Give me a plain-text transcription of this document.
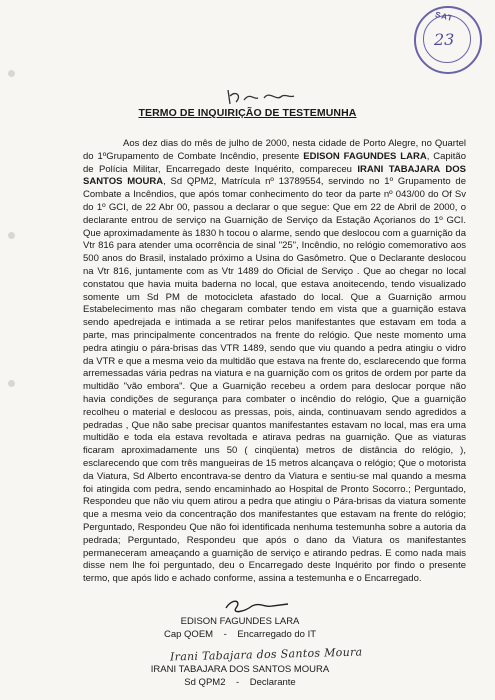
SAT
23
TERMO DE INQUIRIÇÃO DE TESTEMUNHA

Aos dez dias do mês de julho de 2000, nesta cidade de Porto Alegre, no Quartel do 1ºGrupamento de Combate Incêndio, presente EDISON FAGUNDES LARA, Capitão de Polícia Militar, Encarregado deste Inquérito, compareceu IRANI TABAJARA DOS SANTOS MOURA, Sd QPM2, Matrícula nº 13789554, servindo no 1º Grupamento de Combate a Incêndios, que após tomar conhecimento do teor da parte nº 043/00 do Of Sv do 1º GCI, de 22 Abr 00, passou a declarar o que segue: Que em 22 de Abril de 2000, o declarante entrou de serviço na Guarnição de Serviço da Estação Açorianos do 1º GCI. Que aproximadamente às 1830 h tocou o alarme, sendo que deslocou com a guarnição da Vtr 816 para atender uma ocorrência de sinal "25", Incêndio, no relógio comemorativo aos 500 anos do Brasil, instalado próximo a Usina do Gasômetro. Que o Declarante deslocou na Vtr 816, juntamente com as Vtr 1489 do Oficial de Serviço . Que ao chegar no local constatou que havia muita baderna no local, que estava anoitecendo, tendo visualizado somente um Sd PM de motocicleta afastado do local. Que a Guarnição armou Estabelecimento mas não chegaram combater tendo em vista que a guarnição estava sendo apedrejada e intimada a se retirar pelos manifestantes que estavam em toda a parte, mas principalmente concentrados na frente do relógio. Que neste momento uma pedra atingiu o pára-brisas das VTR 1489, sendo que viu quando a pedra atingiu o vidro da VTR e que a mesma veio da multidão que estava na frente do, esclarecendo que forma arremessadas vária pedras na viatura e na guarnição com os gritos de ordem por parte da multidão "vão embora". Que a Guarnição recebeu a ordem para deslocar porque não havia condições de segurança para combater o incêndio do relógio, Que a guarnição recolheu o material e deslocou as pressas, pois, ainda, continuavam sendo agredidos a pedradas , Que não sabe precisar quantos manifestantes estavam no local, mas era uma multidão e toda ela estava revoltada e atirava pedras na guarnição. Que as viaturas ficaram aproximadamente uns 50 ( cinqüenta) metros de distância do relógio, ), esclarecendo que com três mangueiras de 15 metros alcançava o relógio; Que o motorista da Viatura, Sd Alberto encontrava-se dentro da Viatura e sentiu-se mal quando a mesma foi atingida com pedra, sendo encaminhado ao Hospital de Pronto Socorro.; Perguntado, Respondeu que não viu quem atirou a pedra que atingiu o Pára-brisas da viatura somente que a mesma veio da concentração dos manifestantes que estavam na frente do relógio; Perguntado, Respondeu Que não foi identificada nenhuma testemunha sobre a autoria da pedrada; Perguntado, Respondeu que após o dano da Viatura os manifestantes permaneceram ameaçando a guarnição de serviço e atirando pedras. E como nada mais disse nem lhe foi perguntado, deu o Encarregado deste Inquérito por findo o presente termo, que após lido e achado conforme, assina a testemunha e o Encarregado.

EDISON FAGUNDES LARA
Cap QOEM    -    Encarregado do IT
Irani Tabajara dos Santos Moura
IRANI TABAJARA DOS SANTOS MOURA
Sd QPM2    -    Declarante
